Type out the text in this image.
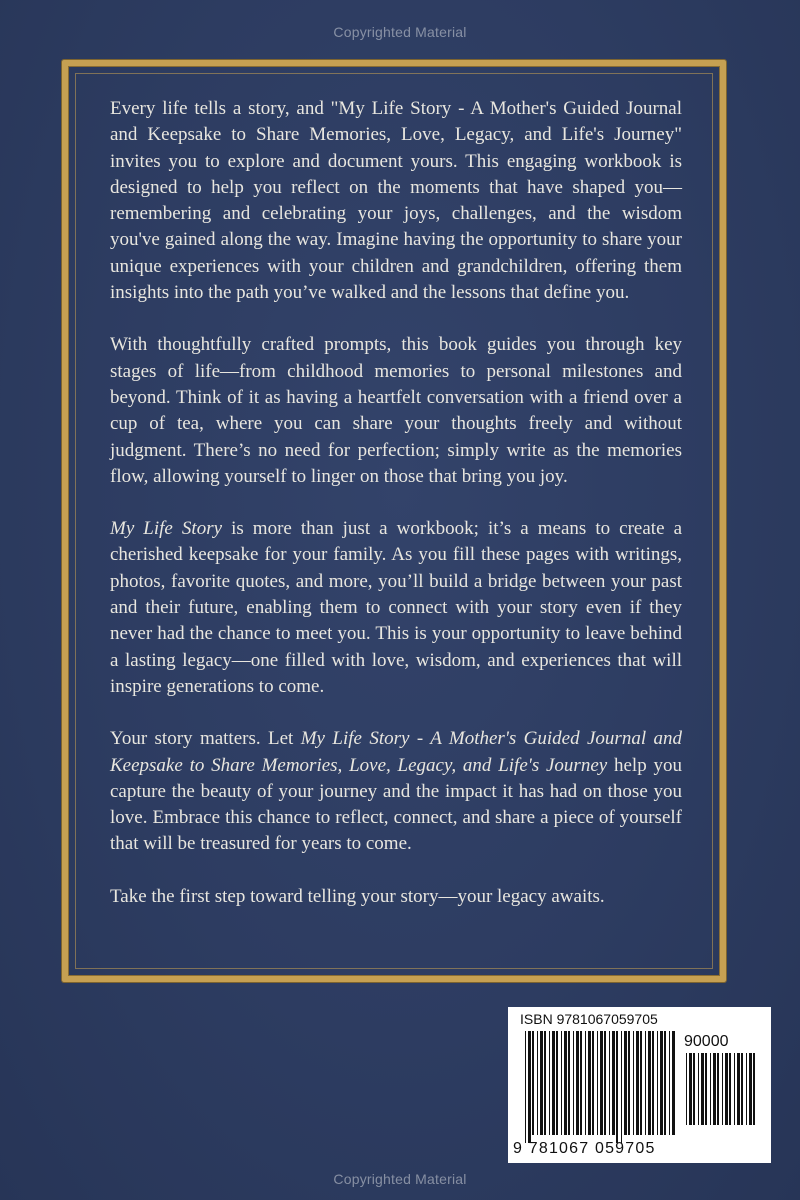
Copyrighted Material

Every life tells a story, and "My Life Story - A Mother's Guided Journal and Keepsake to Share Memories, Love, Legacy, and Life's Journey" invites you to explore and document yours. This engaging workbook is designed to help you reflect on the moments that have shaped you—remembering and celebrating your joys, challenges, and the wisdom you've gained along the way. Imagine having the opportunity to share your unique experiences with your children and grandchildren, offering them insights into the path you’ve walked and the lessons that define you.

With thoughtfully crafted prompts, this book guides you through key stages of life—from childhood memories to personal milestones and beyond. Think of it as having a heartfelt conversation with a friend over a cup of tea, where you can share your thoughts freely and without judgment. There’s no need for perfection; simply write as the memories flow, allowing yourself to linger on those that bring you joy.

My Life Story is more than just a workbook; it’s a means to create a cherished keepsake for your family. As you fill these pages with writings, photos, favorite quotes, and more, you’ll build a bridge between your past and their future, enabling them to connect with your story even if they never had the chance to meet you. This is your opportunity to leave behind a lasting legacy—one filled with love, wisdom, and experiences that will inspire generations to come.

Your story matters. Let My Life Story - A Mother's Guided Journal and Keepsake to Share Memories, Love, Legacy, and Life's Journey help you capture the beauty of your journey and the impact it has had on those you love. Embrace this chance to reflect, connect, and share a piece of yourself that will be treasured for years to come.

Take the first step toward telling your story—your legacy awaits.

ISBN 9781067059705
90000
9 781067 059705
Copyrighted Material
